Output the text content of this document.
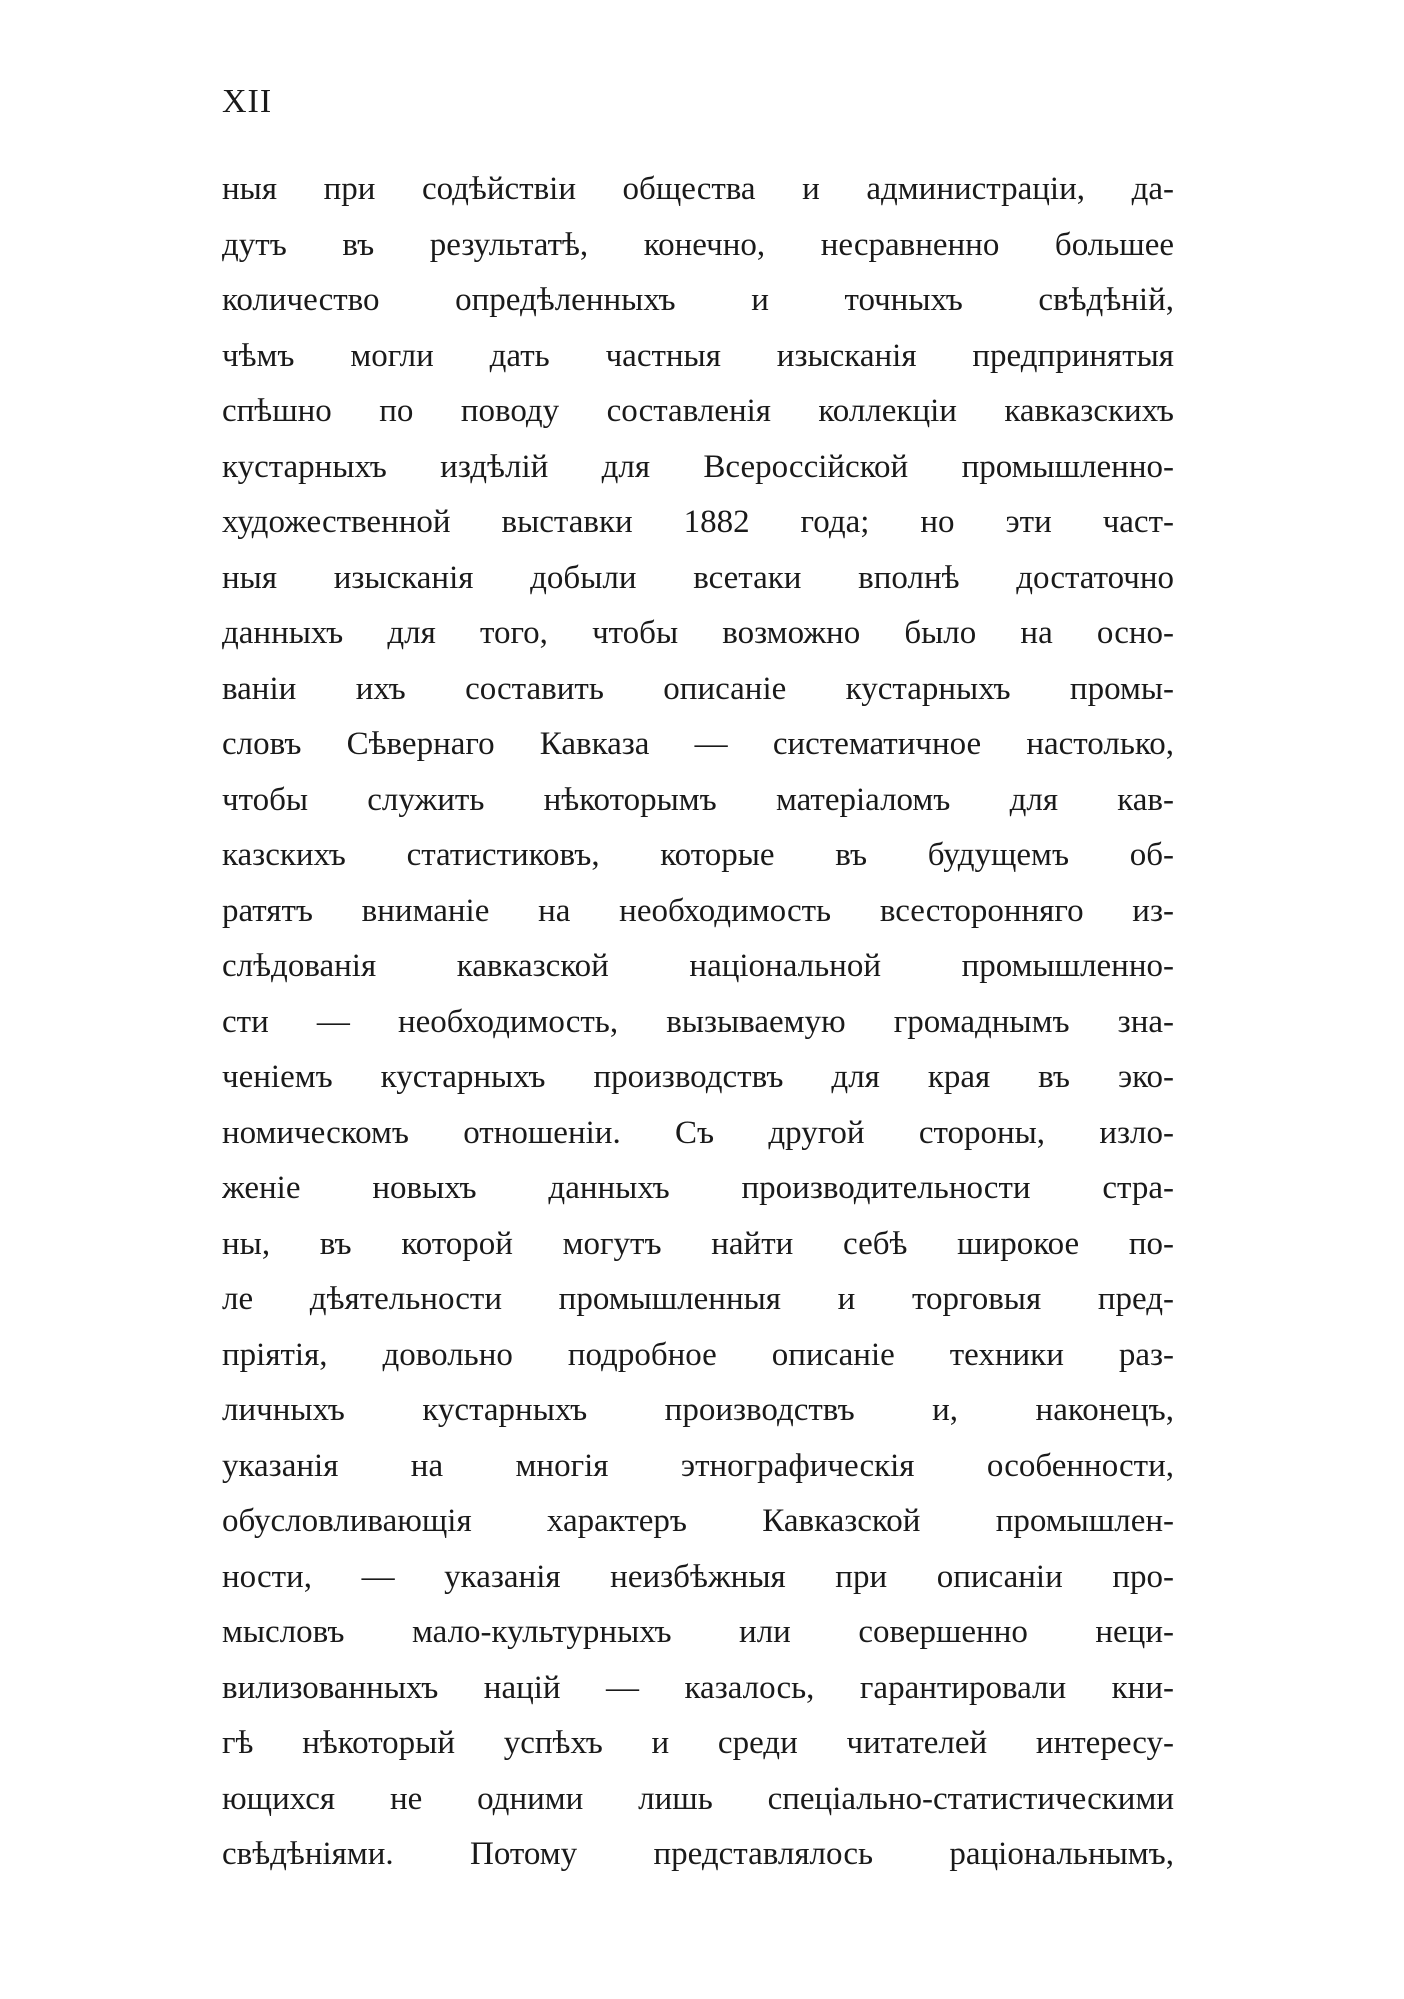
XII
ныя при содѣйствіи общества и администраціи, да-
дутъ въ результатѣ, конечно, несравненно большее
количество опредѣленныхъ и точныхъ свѣдѣній,
чѣмъ могли дать частныя изысканія предпринятыя
спѣшно по поводу составленія коллекціи кавказскихъ
кустарныхъ издѣлій для Всероссійской промышленно-
художественной выставки 1882 года; но эти част-
ныя изысканія добыли всетаки вполнѣ достаточно
данныхъ для того, чтобы возможно было на осно-
ваніи ихъ составить описаніе кустарныхъ промы-
словъ Сѣвернаго Кавказа — систематичное настолько,
чтобы служить нѣкоторымъ матеріаломъ для кав-
казскихъ статистиковъ, которые въ будущемъ об-
ратятъ вниманіе на необходимость всесторонняго из-
слѣдованія кавказской національной промышленно-
сти — необходимость, вызываемую громаднымъ зна-
ченіемъ кустарныхъ производствъ для края въ эко-
номическомъ отношеніи. Съ другой стороны, изло-
женіе новыхъ данныхъ производительности стра-
ны, въ которой могутъ найти себѣ широкое по-
ле дѣятельности промышленныя и торговыя пред-
пріятія, довольно подробное описаніе техники раз-
личныхъ кустарныхъ производствъ и, наконецъ,
указанія на многія этнографическія особенности,
обусловливающія характеръ Кавказской промышлен-
ности, — указанія неизбѣжныя при описаніи про-
мысловъ мало-культурныхъ или совершенно неци-
вилизованныхъ націй — казалось, гарантировали кни-
гѣ нѣкоторый успѣхъ и среди читателей интересу-
ющихся не одними лишь спеціально-статистическими
свѣдѣніями. Потому представлялось раціональнымъ,
